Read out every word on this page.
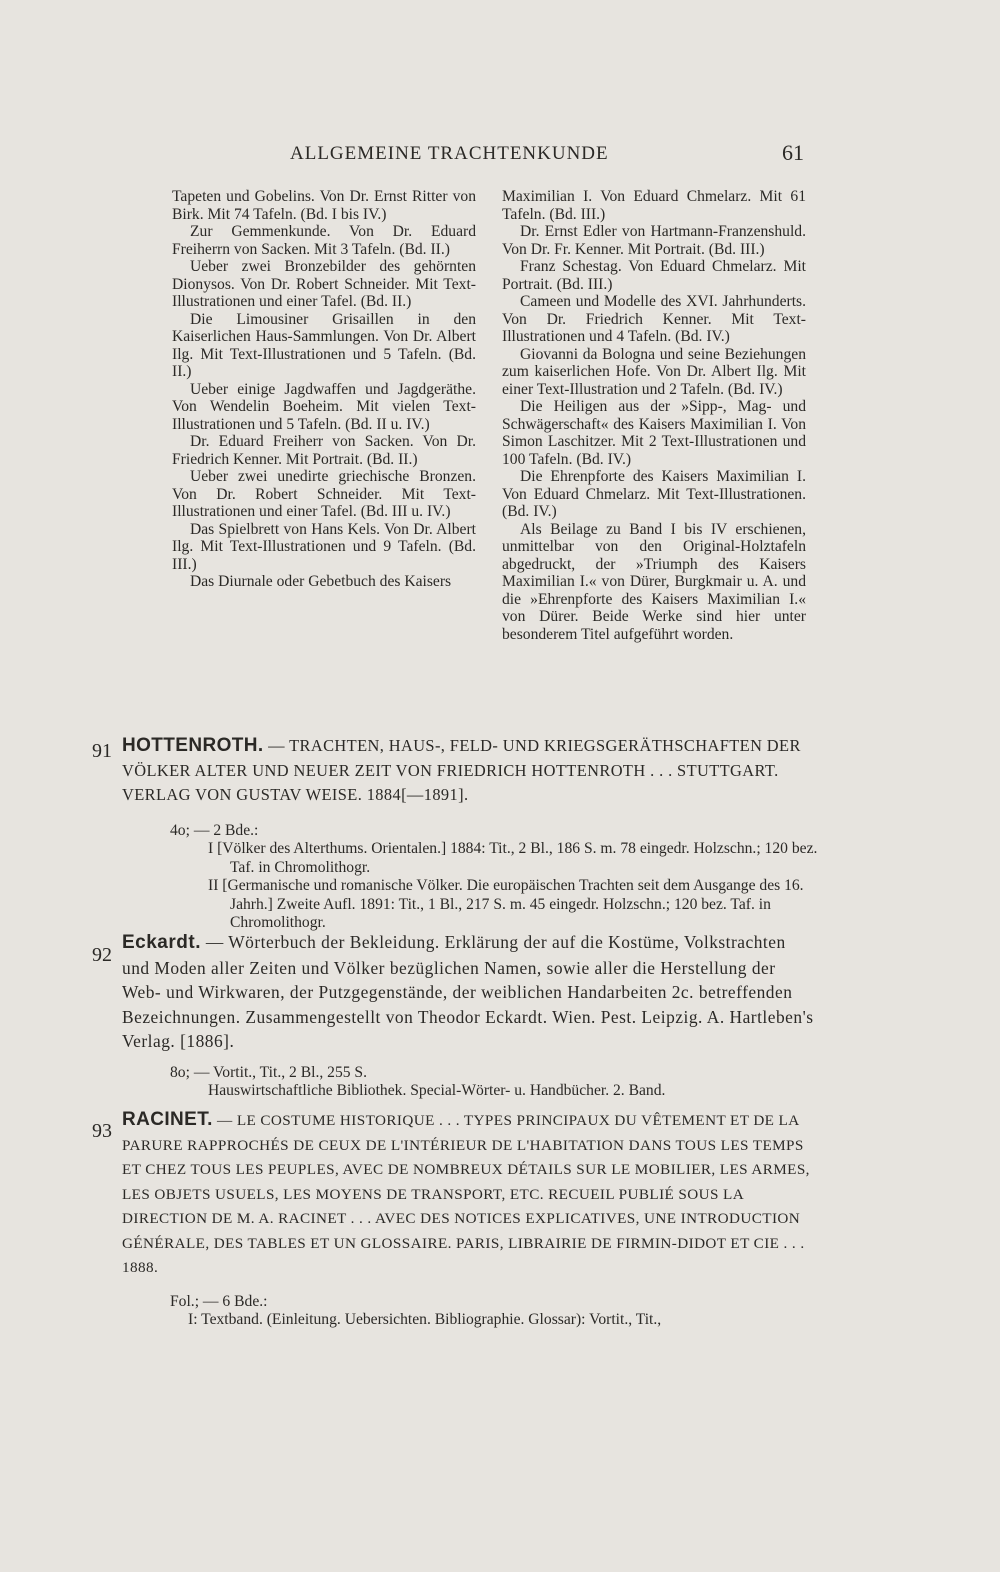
ALLGEMEINE TRACHTENKUNDE	61

Tapeten und Gobelins. Von Dr. Ernst Ritter von Birk. Mit 74 Tafeln. (Bd. I bis IV.)

Zur Gemmenkunde. Von Dr. Eduard Freiherrn von Sacken. Mit 3 Tafeln. (Bd. II.)

Ueber zwei Bronzebilder des gehörnten Dionysos. Von Dr. Robert Schneider. Mit Text-Illustrationen und einer Tafel. (Bd. II.)

Die Limousiner Grisaillen in den Kaiserlichen Haus-Sammlungen. Von Dr. Albert Ilg. Mit Text-Illustrationen und 5 Tafeln. (Bd. II.)

Ueber einige Jagdwaffen und Jagdgeräthe. Von Wendelin Boeheim. Mit vielen Text-Illustrationen und 5 Tafeln. (Bd. II u. IV.)

Dr. Eduard Freiherr von Sacken. Von Dr. Friedrich Kenner. Mit Portrait. (Bd. II.)

Ueber zwei unedirte griechische Bronzen. Von Dr. Robert Schneider. Mit Text-Illustrationen und einer Tafel. (Bd. III u. IV.)

Das Spielbrett von Hans Kels. Von Dr. Albert Ilg. Mit Text-Illustrationen und 9 Tafeln. (Bd. III.)

Das Diurnale oder Gebetbuch des Kaisers

Maximilian I. Von Eduard Chmelarz. Mit 61 Tafeln. (Bd. III.)

Dr. Ernst Edler von Hartmann-Franzenshuld. Von Dr. Fr. Kenner. Mit Portrait. (Bd. III.)

Franz Schestag. Von Eduard Chmelarz. Mit Portrait. (Bd. III.)

Cameen und Modelle des XVI. Jahrhunderts. Von Dr. Friedrich Kenner. Mit Text-Illustrationen und 4 Tafeln. (Bd. IV.)

Giovanni da Bologna und seine Beziehungen zum kaiserlichen Hofe. Von Dr. Albert Ilg. Mit einer Text-Illustration und 2 Tafeln. (Bd. IV.)

Die Heiligen aus der »Sipp-, Mag- und Schwägerschaft« des Kaisers Maximilian I. Von Simon Laschitzer. Mit 2 Text-Illustrationen und 100 Tafeln. (Bd. IV.)

Die Ehrenpforte des Kaisers Maximilian I. Von Eduard Chmelarz. Mit Text-Illustrationen. (Bd. IV.)

Als Beilage zu Band I bis IV erschienen, unmittelbar von den Original-Holztafeln abgedruckt, der »Triumph des Kaisers Maximilian I.« von Dürer, Burgkmair u. A. und die »Ehrenpforte des Kaisers Maximilian I.« von Dürer. Beide Werke sind hier unter besonderem Titel aufgeführt worden.

91 HOTTENROTH. — TRACHTEN, HAUS-, FELD- UND KRIEGSGERÄTHSCHAFTEN DER VÖLKER ALTER UND NEUER ZEIT VON FRIEDRICH HOTTENROTH . . . STUTTGART. VERLAG VON GUSTAV WEISE. 1884[—1891].

4o; — 2 Bde.:

I [Völker des Alterthums. Orientalen.] 1884: Tit., 2 Bl., 186 S. m. 78 eingedr. Holzschn.; 120 bez. Taf. in Chromolithogr.

II [Germanische und romanische Völker. Die europäischen Trachten seit dem Ausgange des 16. Jahrh.] Zweite Aufl. 1891: Tit., 1 Bl., 217 S. m. 45 eingedr. Holzschn.; 120 bez. Taf. in Chromolithogr.

92
Eckardt. — Wörterbuch der Bekleidung. Erklärung der auf die Kostüme, Volkstrachten und Moden aller Zeiten und Völker bezüglichen Namen, sowie aller die Herstellung der Web- und Wirkwaren, der Putzgegenstände, der weiblichen Handarbeiten 2c. betreffenden Bezeichnungen. Zusammengestellt von Theodor Eckardt. Wien. Pest. Leipzig. A. Hartleben's Verlag. [1886].

8o; — Vortit., Tit., 2 Bl., 255 S.

Hauswirtschaftliche Bibliothek. Special-Wörter- u. Handbücher. 2. Band.

93
RACINET. — LE COSTUME HISTORIQUE . . . TYPES PRINCIPAUX DU VÊTEMENT ET DE LA PARURE RAPPROCHÉS DE CEUX DE L'INTÉRIEUR DE L'HABITATION DANS TOUS LES TEMPS ET CHEZ TOUS LES PEUPLES, AVEC DE NOMBREUX DÉTAILS SUR LE MOBILIER, LES ARMES, LES OBJETS USUELS, LES MOYENS DE TRANSPORT, ETC. RECUEIL PUBLIÉ SOUS LA DIRECTION DE M. A. RACINET . . . AVEC DES NOTICES EXPLICATIVES, UNE INTRODUCTION GÉNÉRALE, DES TABLES ET UN GLOSSAIRE. PARIS, LIBRAIRIE DE FIRMIN-DIDOT ET CIE . . . 1888.

Fol.; — 6 Bde.:

I: Textband. (Einleitung. Uebersichten. Bibliographie. Glossar): Vortit., Tit.,
